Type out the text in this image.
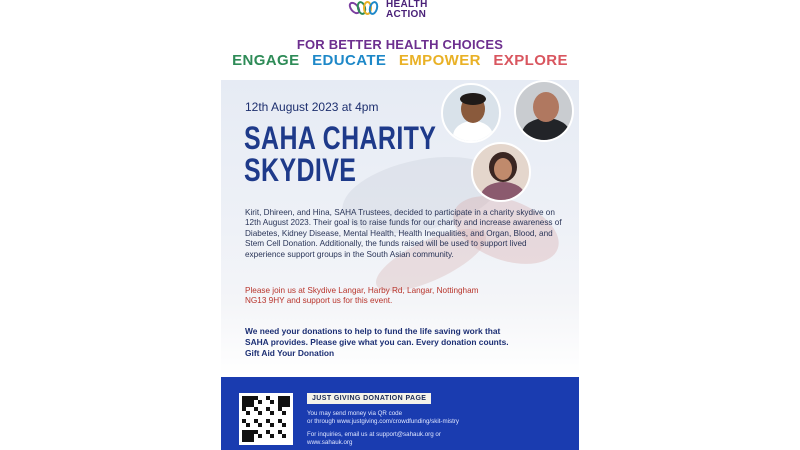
HEALTH
ACTION
FOR BETTER HEALTH CHOICES
ENGAGE EDUCATE EMPOWER EXPLORE
12th August 2023 at 4pm
SAHA CHARITY
SKYDIVE
Kirit, Dhireen, and Hina, SAHA Trustees, decided to participate in a charity skydive on 12th August 2023. Their goal is to raise funds for our charity and increase awareness of Diabetes, Kidney Disease, Mental Health, Health Inequalities, and Organ, Blood, and Stem Cell Donation. Additionally, the funds raised will be used to support lived experience support groups in the South Asian community.
Please join us at Skydive Langar, Harby Rd, Langar, Nottingham NG13 9HY and support us for this event.
We need your donations to help to fund the life saving work that SAHA provides. Please give what you can. Every donation counts. Gift Aid Your Donation
JUST GIVING DONATION PAGE
You may send money via QR code
or through www.justgiving.com/crowdfunding/skit-mistry
For inquiries, email us at support@sahauk.org or
www.sahauk.org
